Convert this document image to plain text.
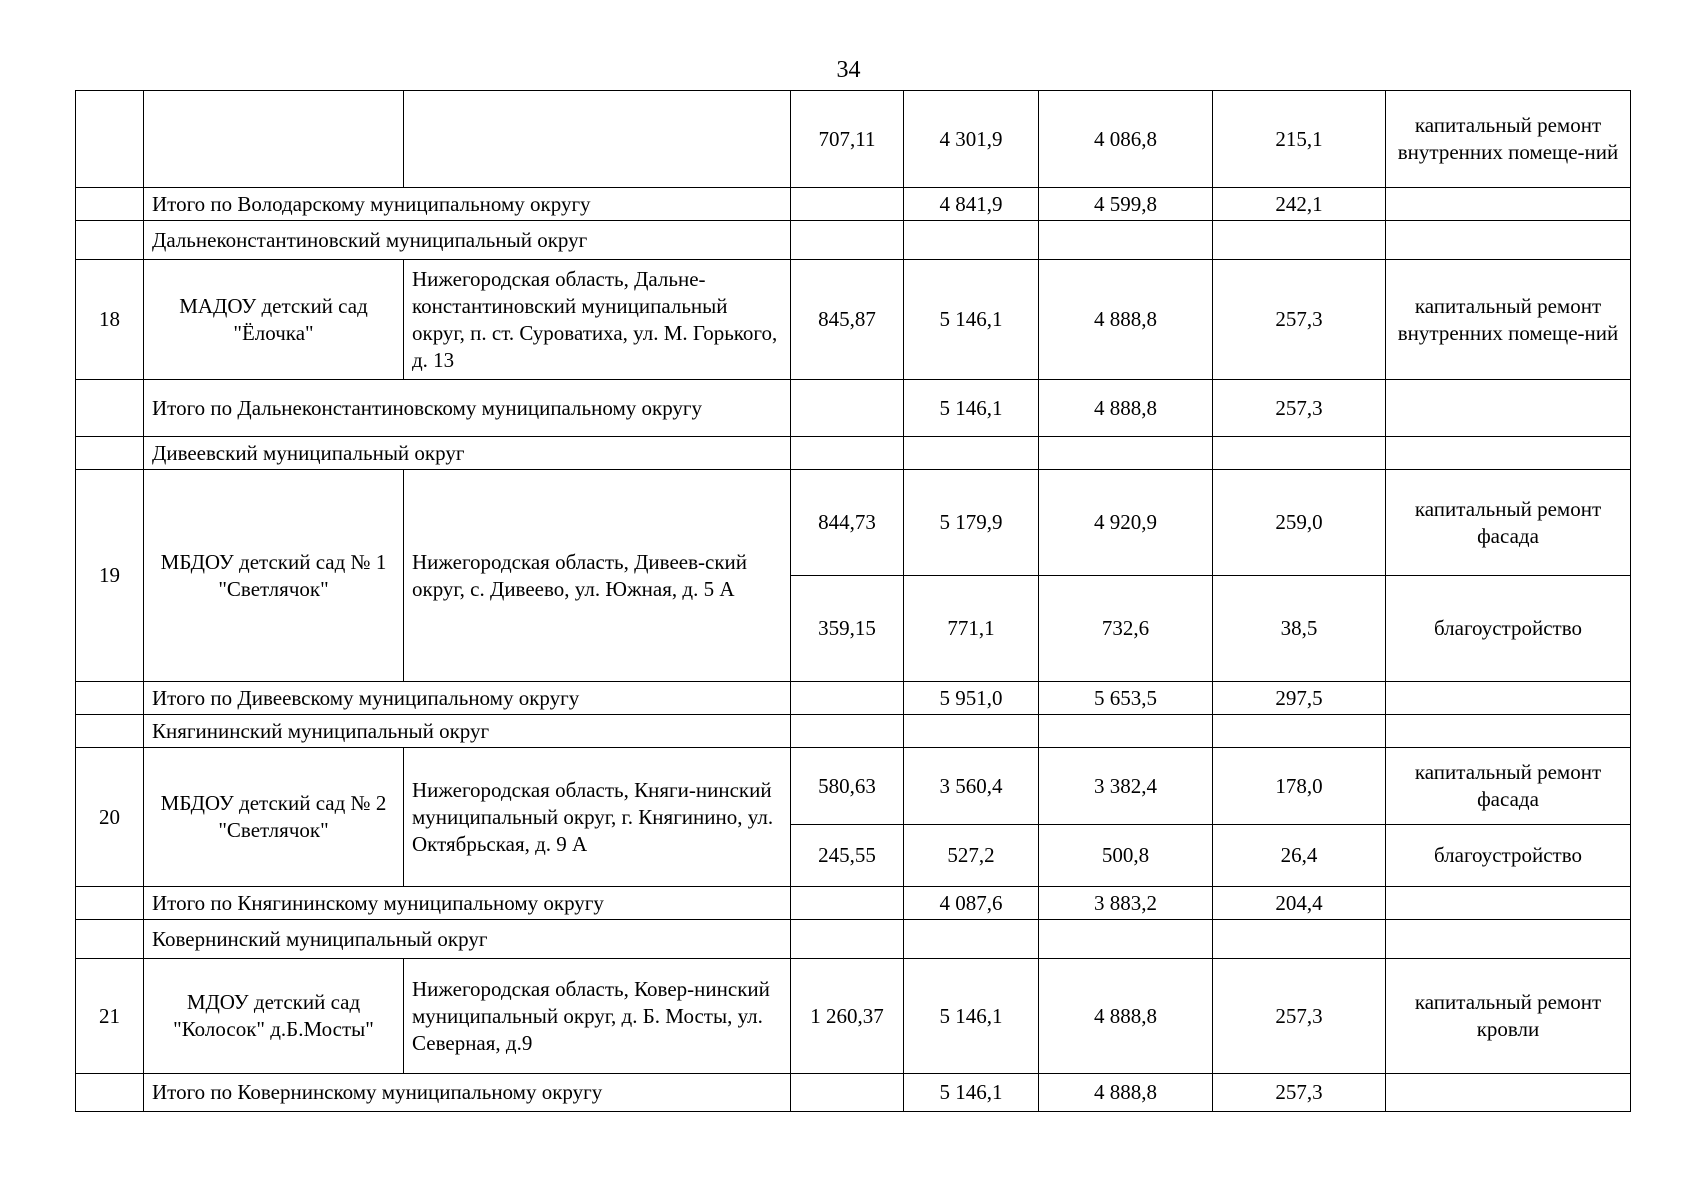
34
			707,11	4 301,9	4 086,8	215,1	капитальный ремонт внутренних помеще-ний
	Итого по Володарскому муниципальному округу			4 841,9	4 599,8	242,1	
	Дальнеконстантиновский муниципальный округ						
18	МАДОУ детский сад "Ёлочка"	Нижегородская область, Дальне-константиновский муниципальный округ, п. ст. Суроватиха, ул. М. Горького, д. 13	845,87	5 146,1	4 888,8	257,3	капитальный ремонт внутренних помеще-ний
	Итого по Дальнеконстантиновскому муниципальному округу			5 146,1	4 888,8	257,3	
	Дивеевский муниципальный округ						
19	МБДОУ детский сад № 1 "Светлячок"	Нижегородская область, Дивеев-ский округ, с. Дивеево, ул. Южная, д. 5 А	844,73	5 179,9	4 920,9	259,0	капитальный ремонт фасада
			359,15	771,1	732,6	38,5	благоустройство
	Итого по Дивеевскому муниципальному округу			5 951,0	5 653,5	297,5	
	Княгининский муниципальный округ						
20	МБДОУ детский сад № 2 "Светлячок"	Нижегородская область, Княги-нинский муниципальный округ, г. Княгинино, ул. Октябрьская, д. 9 А	580,63	3 560,4	3 382,4	178,0	капитальный ремонт фасада
			245,55	527,2	500,8	26,4	благоустройство
	Итого по Княгининскому муниципальному округу			4 087,6	3 883,2	204,4	
	Ковернинский муниципальный округ						
21	МДОУ детский сад "Колосок" д.Б.Мосты"	Нижегородская область, Ковер-нинский муниципальный округ, д. Б. Мосты, ул. Северная, д.9	1 260,37	5 146,1	4 888,8	257,3	капитальный ремонт кровли
	Итого по Ковернинскому муниципальному округу			5 146,1	4 888,8	257,3	
